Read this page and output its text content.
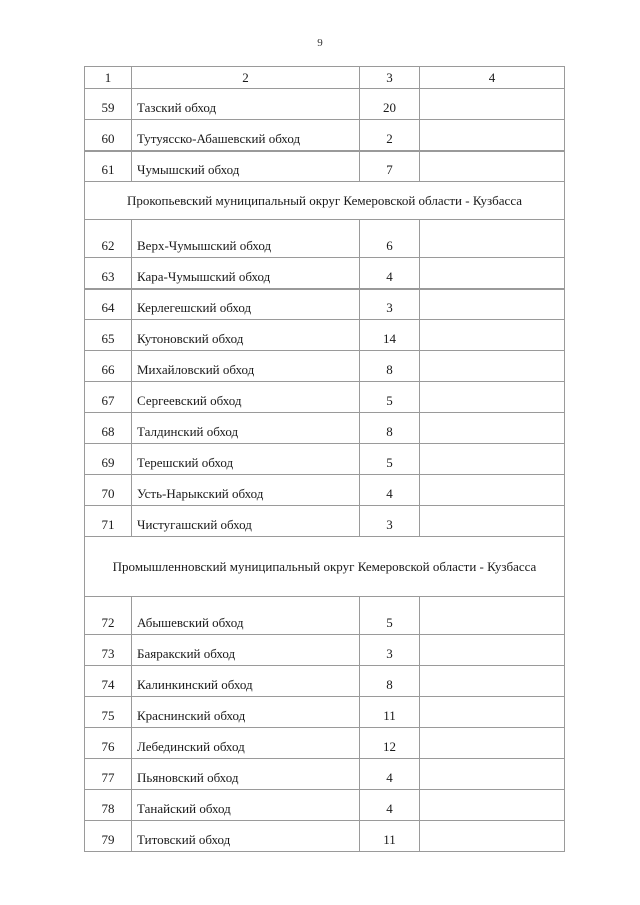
9
1	2	3	4
59	Тазский обход	20	
60	Тутуясско-Абашевский обход	2	
61	Чумышский обход	7	
Прокопьевский муниципальный округ Кемеровской области - Кузбасса			
62	Верх-Чумышский обход	6	
63	Кара-Чумышский обход	4	
64	Керлегешский обход	3	
65	Кутоновский обход	14	
66	Михайловский обход	8	
67	Сергеевский обход	5	
68	Талдинский обход	8	
69	Терешский обход	5	
70	Усть-Нарыкский обход	4	
71	Чистугашский обход	3	
Промышленновский муниципальный округ Кемеровской области - Кузбасса			
72	Абышевский обход	5	
73	Баяракский обход	3	
74	Калинкинский обход	8	
75	Краснинский обход	11	
76	Лебединский обход	12	
77	Пьяновский обход	4	
78	Танайский обход	4	
79	Титовский обход	11	
